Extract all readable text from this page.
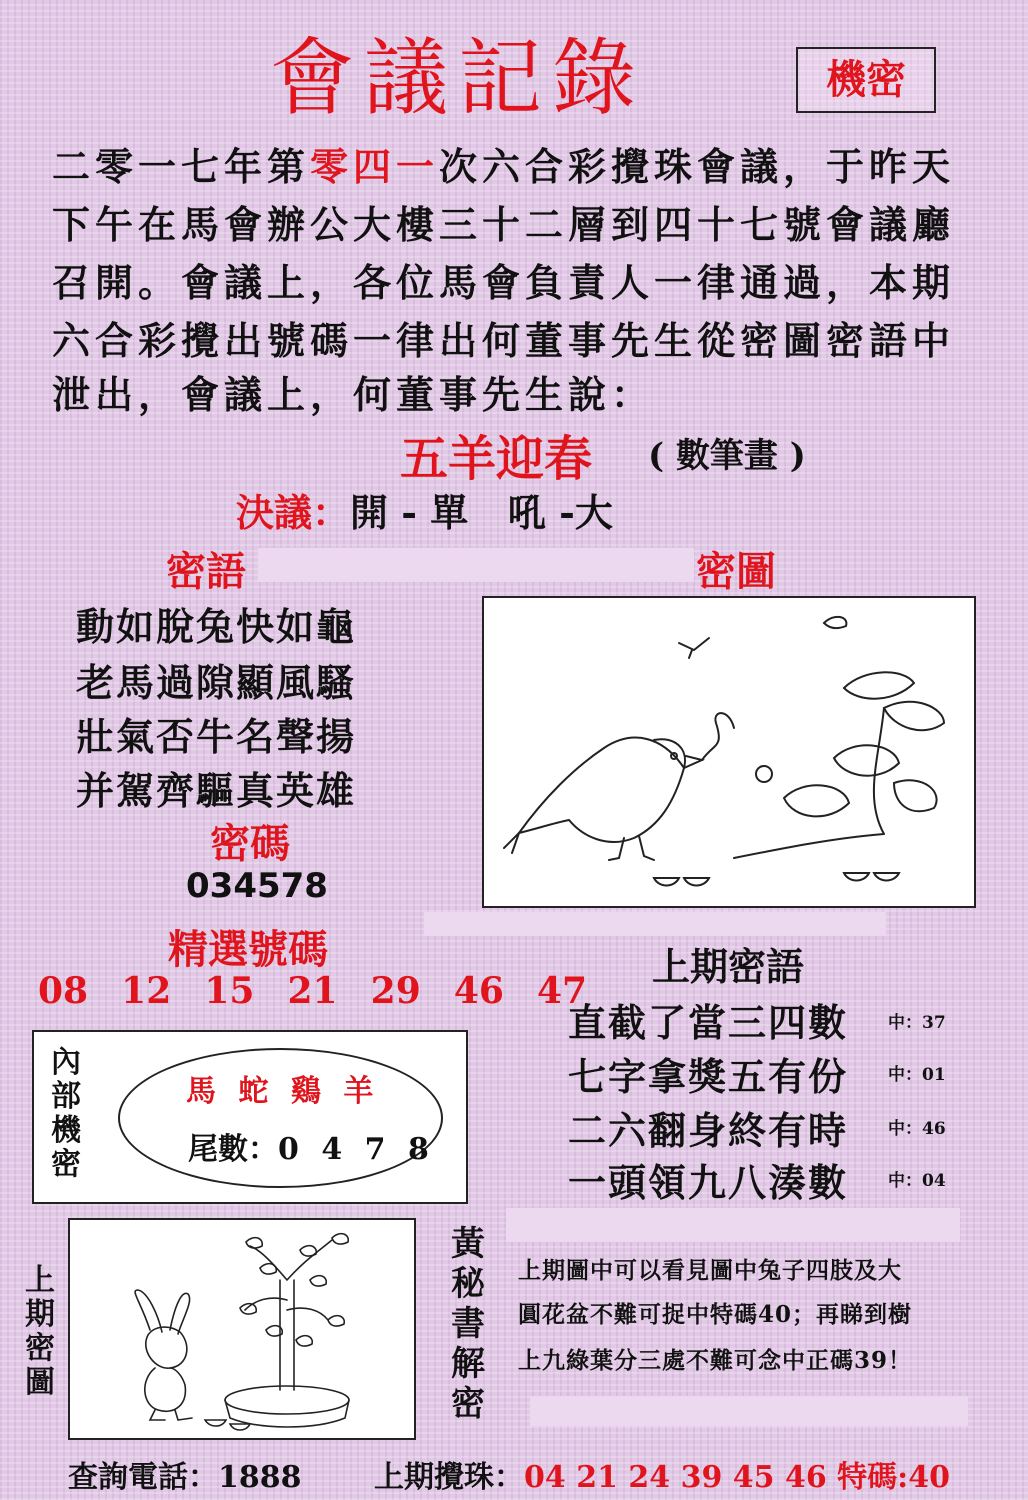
會議記錄	機密
二零一七年第零四一次六合彩攪珠會議，于昨天
下午在馬會辦公大樓三十二層到四十七號會議廳
召開。會議上，各位馬會負責人一律通過，本期
六合彩攪出號碼一律出何董事先生從密圖密語中
泄出，會議上，何董事先生說：
五羊迎春 ( 數筆畫 )
決議：開 - 單   吼 -大
密語	密圖
動如脫兔快如龜
老馬過隙顯風騷
壯氣否牛名聲揚
并駕齊驅真英雄
密碼
034578
精選號碼
08  12  15  21  29  46  47
上期密語
直截了當三四數 中：37
七字拿獎五有份 中：01
二六翻身終有時 中：46
一頭領九八湊數 中：04
內
部
機
密
馬 蛇 鷄 羊
尾數：0 4 7 8
上
期
密
圖
黃
秘
書
解
密
上期圖中可以看見圖中兔子四肢及大
圓花盆不難可捉中特碼40；再睇到樹
上九綠葉分三處不難可念中正碼39！
查詢電話：1888 上期攪珠：04 21 24 39 45 46 特碼:40
